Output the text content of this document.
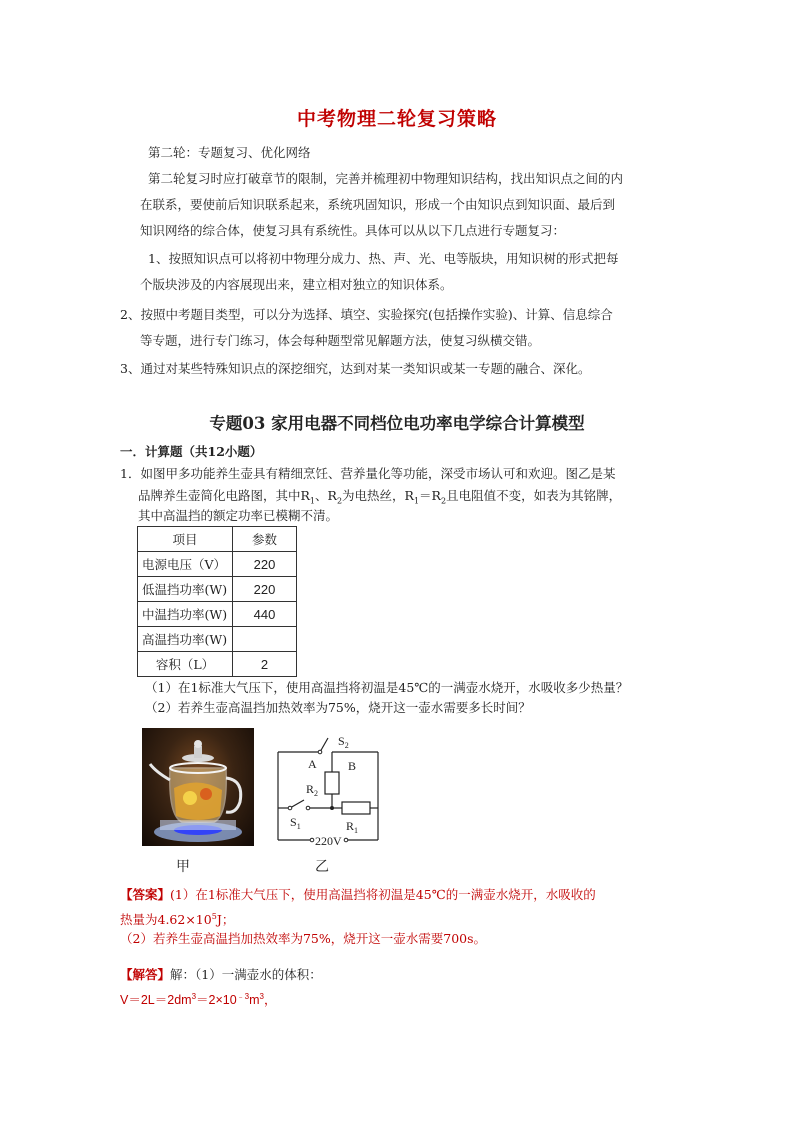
中考物理二轮复习策略
第二轮：专题复习、优化网络
第二轮复习时应打破章节的限制，完善并梳理初中物理知识结构，找出知识点之间的内
在联系，要使前后知识联系起来，系统巩固知识，形成一个由知识点到知识面、最后到
知识网络的综合体，使复习具有系统性。具体可以从以下几点进行专题复习：
1、按照知识点可以将初中物理分成力、热、声、光、电等版块，用知识树的形式把每
个版块涉及的内容展现出来，建立相对独立的知识体系。
2、按照中考题目类型，可以分为选择、填空、实验探究(包括操作实验)、计算、信息综合
等专题，进行专门练习，体会每种题型常见解题方法，使复习纵横交错。
3、通过对某些特殊知识点的深挖细究，达到对某一类知识或某一专题的融合、深化。
专题03 家用电器不同档位电功率电学综合计算模型
一．计算题（共12小题）
1．如图甲多功能养生壶具有精细烹饪、营养量化等功能，深受市场认可和欢迎。图乙是某
品牌养生壶简化电路图，其中$R_1$、$R_2$为电热丝，$R_1=R_2$且电阻值不变，如表为其铭牌，
其中高温挡的额定功率已模糊不清。
项目	参数
电源电压（V）	220
低温挡功率(W)	220
中温挡功率(W)	440
高温挡功率(W)	
容积（L）	2
（1）在1标准大气压下，使用高温挡将初温是45℃的一满壶水烧开，水吸收多少热量？
（2）若养生壶高温挡加热效率为75%，烧开这一壶水需要多长时间？
$S_2$
A	B
$R_2$
$S_1$	$R_1$
220V
甲	乙
【答案】(1）在1标准大气压下，使用高温挡将初温是45℃的一满壶水烧开，水吸收的
热量为$4.62\times 10^5J$；
（2）若养生壶高温挡加热效率为75%，烧开这一壶水需要700s。
【解答】解：（1）一满壶水的体积：
$V=2L=2dm^3=2\times 10^{﹣3}m^3$，
